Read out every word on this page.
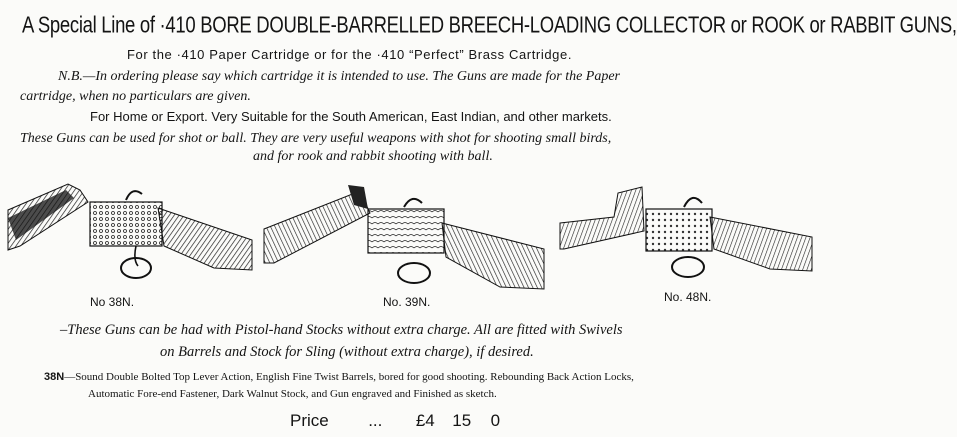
A Special Line of ·410 BORE DOUBLE-BARRELLED BREECH-LOADING COLLECTOR or ROOK or RABBIT GUNS,
For the ·410 Paper Cartridge or for the ·410 “Perfect” Brass Cartridge.
N.B.—In ordering please say which cartridge it is intended to use. The Guns are made for the Paper
cartridge, when no particulars are given.
For Home or Export. Very Suitable for the South American, East Indian, and other markets.
These Guns can be used for shot or ball. They are very useful weapons with shot for shooting small birds,
and for rook and rabbit shooting with ball.
No 38N.	No. 39N.	No. 48N.
–These Guns can be had with Pistol-hand Stocks without extra charge. All are fitted with Swivels
on Barrels and Stock for Sling (without extra charge), if desired.
38N—Sound Double Bolted Top Lever Action, English Fine Twist Barrels, bored for good shooting. Rebounding Back Action Locks,
Automatic Fore-end Fastener, Dark Walnut Stock, and Gun engraved and Finished as sketch.
Price ... £4 15 0
